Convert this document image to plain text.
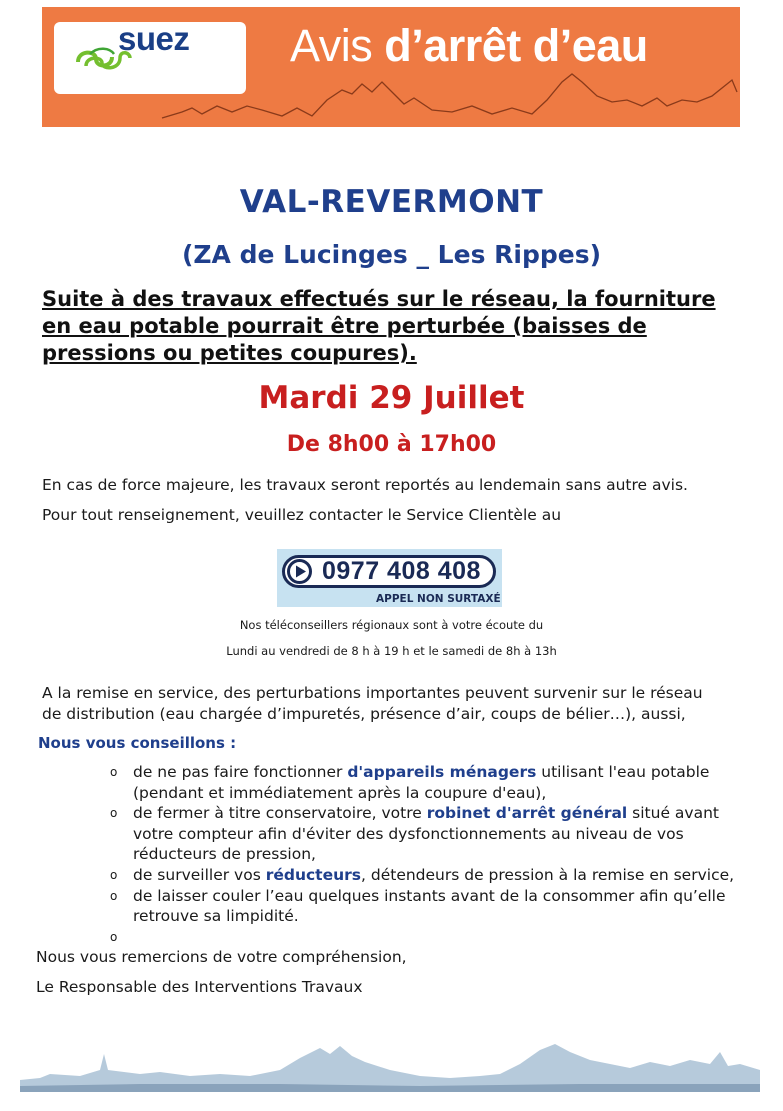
suez Avis d’arrêt d’eau
VAL-REVERMONT
(ZA de Lucinges _ Les Rippes)
Suite à des travaux effectués sur le réseau, la fourniture en eau potable pourrait être perturbée (baisses de pressions ou petites coupures).
Mardi 29 Juillet
De 8h00 à 17h00
En cas de force majeure, les travaux seront reportés au lendemain sans autre avis.
Pour tout renseignement, veuillez contacter le Service Clientèle au
0977 408 408
APPEL NON SURTAXÉ
Nos téléconseillers régionaux sont à votre écoute du
Lundi au vendredi de 8 h à 19 h et le samedi de 8h à 13h
A la remise en service, des perturbations importantes peuvent survenir sur le réseau de distribution (eau chargée d’impuretés, présence d’air, coups de bélier…), aussi,
Nous vous conseillons :
o de ne pas faire fonctionner d'appareils ménagers utilisant l'eau potable (pendant et immédiatement après la coupure d'eau),
o de fermer à titre conservatoire, votre robinet d'arrêt général situé avant votre compteur afin d'éviter des dysfonctionnements au niveau de vos réducteurs de pression,
o de surveiller vos réducteurs, détendeurs de pression à la remise en service,
o de laisser couler l’eau quelques instants avant de la consommer afin qu’elle retrouve sa limpidité.
o
Nous vous remercions de votre compréhension,
Le Responsable des Interventions Travaux
